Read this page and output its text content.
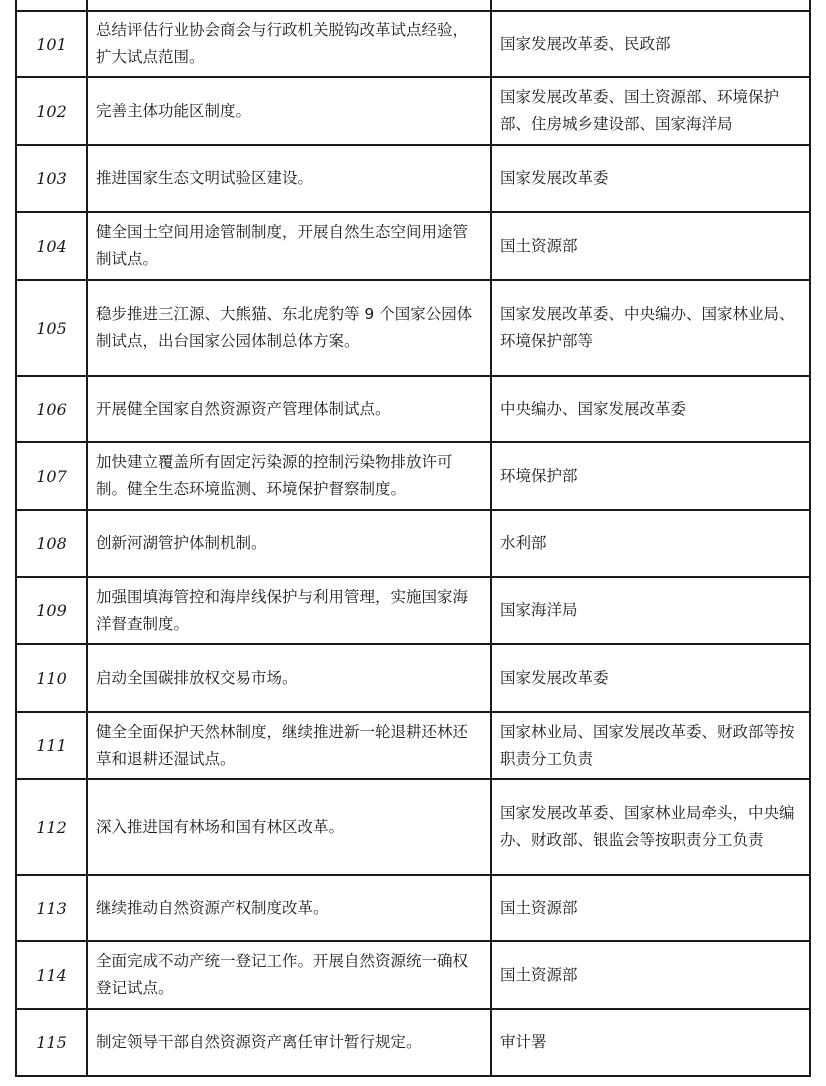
101	总结评估行业协会商会与行政机关脱钩改革试点经验，扩大试点范围。	国家发展改革委、民政部
102	完善主体功能区制度。	国家发展改革委、国土资源部、环境保护部、住房城乡建设部、国家海洋局
103	推进国家生态文明试验区建设。	国家发展改革委
104	健全国土空间用途管制制度，开展自然生态空间用途管制试点。	国土资源部
105	稳步推进三江源、大熊猫、东北虎豹等 9 个国家公园体制试点，出台国家公园体制总体方案。	国家发展改革委、中央编办、国家林业局、环境保护部等
106	开展健全国家自然资源资产管理体制试点。	中央编办、国家发展改革委
107	加快建立覆盖所有固定污染源的控制污染物排放许可制。健全生态环境监测、环境保护督察制度。	环境保护部
108	创新河湖管护体制机制。	水利部
109	加强围填海管控和海岸线保护与利用管理，实施国家海洋督查制度。	国家海洋局
110	启动全国碳排放权交易市场。	国家发展改革委
111	健全全面保护天然林制度，继续推进新一轮退耕还林还草和退耕还湿试点。	国家林业局、国家发展改革委、财政部等按职责分工负责
112	深入推进国有林场和国有林区改革。	国家发展改革委、国家林业局牵头，中央编办、财政部、银监会等按职责分工负责
113	继续推动自然资源产权制度改革。	国土资源部
114	全面完成不动产统一登记工作。开展自然资源统一确权登记试点。	国土资源部
115	制定领导干部自然资源资产离任审计暂行规定。	审计署
